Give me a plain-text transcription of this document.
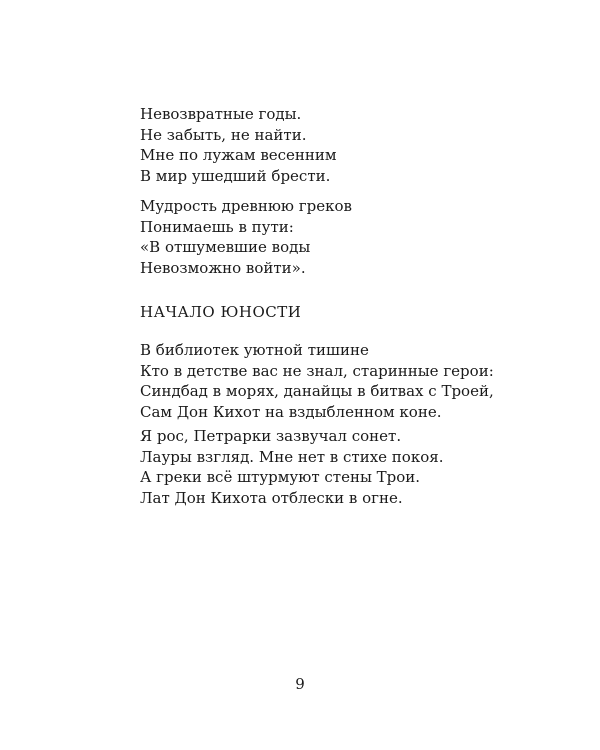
Невозвратные годы.
Не забыть, не найти.
Мне по лужам весенним
В мир ушедший брести.
Мудрость древнюю греков
Понимаешь в пути:
«В отшумевшие воды
Невозможно войти».
НАЧАЛО ЮНОСТИ
В библиотек уютной тишине
Кто в детстве вас не знал, старинные герои:
Синдбад в морях, данайцы в битвах с Троей,
Сам Дон Кихот на вздыбленном коне.
Я рос, Петрарки зазвучал сонет.
Лауры взгляд. Мне нет в стихе покоя.
А греки всё штурмуют стены Трои.
Лат Дон Кихота отблески в огне.
9
